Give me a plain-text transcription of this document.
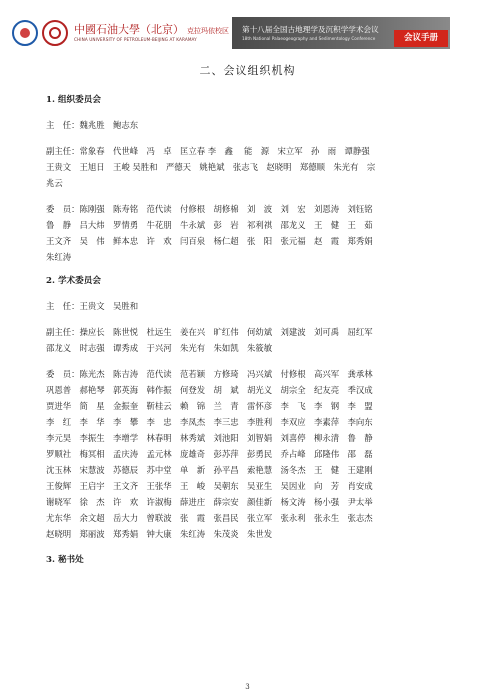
中國石油大學（北京） 克拉玛依校区
CHINA UNIVERSITY OF PETROLEUM-BEIJING AT KARAMAY
第十八届全国古地理学及沉积学学术会议
18th National Palaeogeography and Sedimentology Conference	会议手册
二、会议组织机构
1. 组织委员会
主　任：魏兆胜　鲍志东
副主任：常象春　代世峰　冯　卓　匡立春 李　鑫　 能　源　宋立军　孙　雨　谭静强
王贵文　王旭日　王峻 吴胜和　严德天　姚艳斌　张志飞　赵晓明　郑德顺　朱光有　宗
兆云
委　员：陈刚强　陈寿铭　范代读　付修根　胡修棉　刘　波　刘　宏　刘恩涛　刘钰铭
鲁　静　吕大炜　罗情勇　牛花朋　牛永斌　彭　岩　祁利祺　邵龙义　王　健　王　茹
王文齐　吴　伟　鲜本忠　许　欢　闫百泉　杨仁超　张　阳　张元福　赵　霞　郑秀娟
朱红涛
2. 学术委员会
主　任：王贵文　吴胜和
副主任：操应长　陈世悦　杜远生　姜在兴　旷红伟　何幼斌　刘建波　刘可禹　屈红军
邵龙义　时志强　谭秀成　于兴河　朱光有　朱如凯　朱筱敏
委　员：陈光杰　陈吉涛　范代读　范若颖　方修琦　冯兴斌　付修根　高兴军　龚承林
巩恩普　郝艳琴　郭英海　韩作振　何登发　胡　斌　胡光义　胡宗全　纪友亮　季汉成
贾进华　简　星　金振奎　靳桂云　赖　锦　兰　青　雷怀彦　李　飞　李　钢　李　盟
李　红　李　华　李　攀　李　忠　李凤杰　李三忠　李胜利　李双应　李素萍　李向东
李元昊　李振生　李增学　林春明　林秀斌　刘池阳　刘智娟　刘喜停　柳永清　鲁　静
罗顺社　梅冥相　孟庆涛　孟元林　庞雄奇　彭苏萍　彭勇民　乔占峰　邱隆伟　邵　磊
沈玉林　宋慧波　苏德辰　苏中堂　单　新　孙平昌　索艳慧　汤冬杰　王　健　王建刚
王俊辉　王启宇　王文齐　王张华　王　峻　吴朝东　吴亚生　吴因业　向　芳　肖安成
谢晓军　徐　杰　许　欢　许淑梅　薛进庄　薛宗安　颜佳新　杨文涛　杨小强　尹太举
尤东华　余文超　岳大力　曾联波　张　霞　张昌民　张立军　张永利　张永生　张志杰
赵晓明　郑丽波　郑秀娟　钟大康　朱红涛　朱茂炎　朱世发
3. 秘书处
3
